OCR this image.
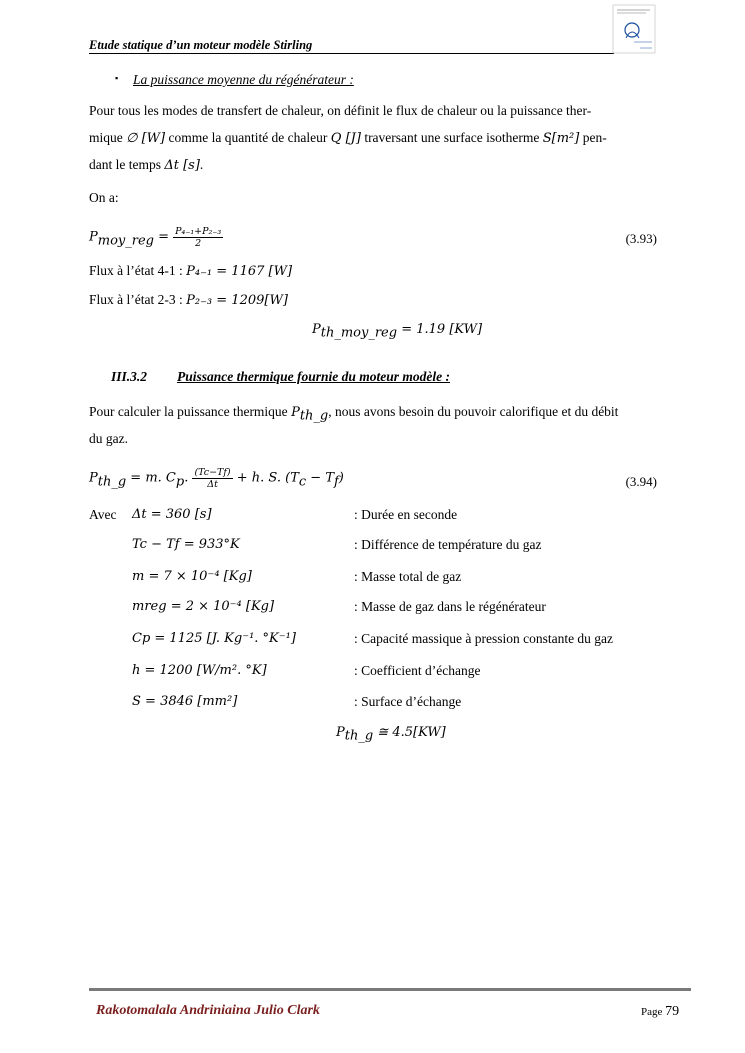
Etude statique d’un moteur modèle Stirling
▪ La puissance moyenne du régénérateur :
Pour tous les modes de transfert de chaleur, on définit le flux de chaleur ou la puissance ther-
mique ∅ [W] comme la quantité de chaleur Q [J] traversant une surface isotherme S[m²] pen-
dant le temps Δt [s].
On a:
$P_{moy\_reg} = \frac{\text{P₄₋₁+P₂₋₃}}{2}$	(3.93)
Flux à l’état 4-1 : P₄₋₁ = 1167 [W]
Flux à l’état 2-3 : P₂₋₃ = 1209[W]
$P_{th\_moy\_reg} = 1.19$ [KW]
III.3.2 Puissance thermique fournie du moteur modèle :
Pour calculer la puissance thermique $P_{th\_g}$, nous avons besoin du pouvoir calorifique et du débit
du gaz.
$P_{th\_g} = m$. $C_p$. $\frac{(Tc-Tf)}{\Delta t} + h$. S. $(T_c - T_f)$	(3.94)
Avec Δt = 360 [s]	: Durée en seconde
Tc − Tf = 933°K	: Différence de température du gaz
m = 7 × 10⁻⁴ [Kg]	: Masse total de gaz
mreg = 2 × 10⁻⁴ [Kg]	: Masse de gaz dans le régénérateur
Cp = 1125 [J. Kg⁻¹. °K⁻¹]	: Capacité massique à pression constante du gaz
h = 1200 [W/m². °K]	: Coefficient d’échange
S = 3846 [mm²]	: Surface d’échange
$P_{th\_g}$ ≅ 4.5[KW]
Rakotomalala Andriniaina Julio Clark	Page 79
